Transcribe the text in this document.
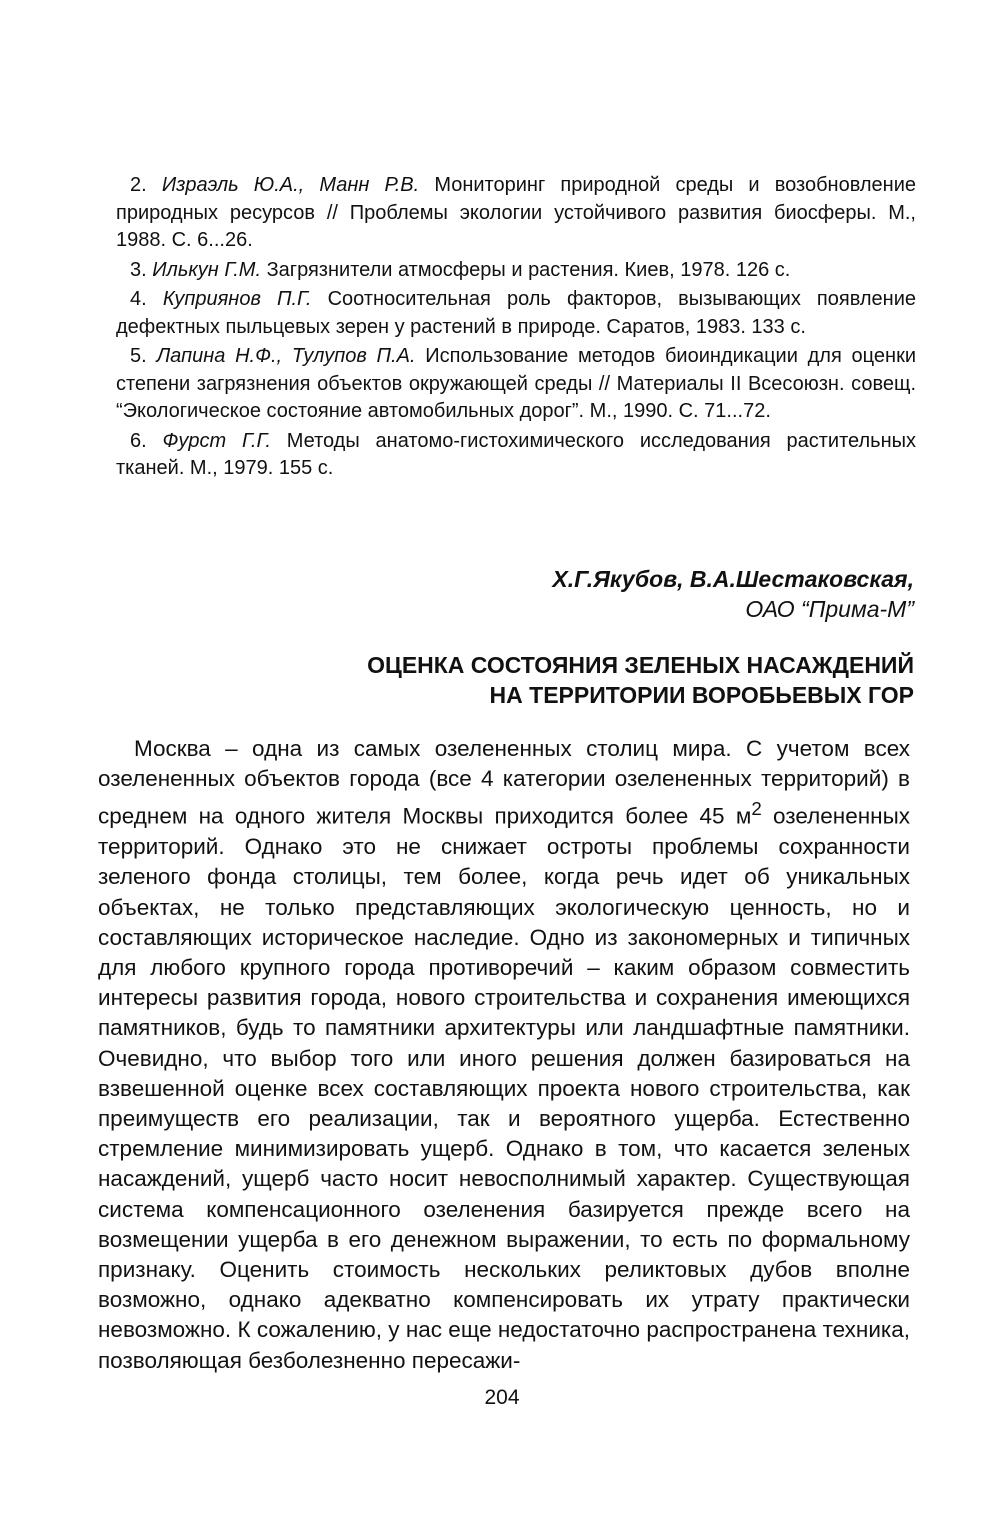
2. Израэль Ю.А., Манн Р.В. Мониторинг природной среды и возобновление природных ресурсов // Проблемы экологии устойчивого развития биосферы. М., 1988. С. 6...26.

3. Илькун Г.М. Загрязнители атмосферы и растения. Киев, 1978. 126 с.

4. Куприянов П.Г. Соотносительная роль факторов, вызывающих появление дефектных пыльцевых зерен у растений в природе. Саратов, 1983. 133 с.

5. Лапина Н.Ф., Тулупов П.А. Использование методов биоиндикации для оценки степени загрязнения объектов окружающей среды // Материалы II Всесоюзн. совещ. “Экологическое состояние автомобильных дорог”. М., 1990. С. 71...72.

6. Фурст Г.Г. Методы анатомо-гистохимического исследования растительных тканей. М., 1979. 155 с.

Х.Г.Якубов, В.А.Шестаковская,
ОАО “Прима-М”
ОЦЕНКА СОСТОЯНИЯ ЗЕЛЕНЫХ НАСАЖДЕНИЙ
НА ТЕРРИТОРИИ ВОРОБЬЕВЫХ ГОР

Москва – одна из самых озелененных столиц мира. С учетом всех озелененных объектов города (все 4 категории озелененных территорий) в среднем на одного жителя Москвы приходится более 45 $м^2$ озелененных территорий. Однако это не снижает остроты проблемы сохранности зеленого фонда столицы, тем более, когда речь идет об уникальных объектах, не только представляющих экологическую ценность, но и составляющих историческое наследие. Одно из закономерных и типичных для любого крупного города противоречий – каким образом совместить интересы развития города, нового строительства и сохранения имеющихся памятников, будь то памятники архитектуры или ландшафтные памятники. Очевидно, что выбор того или иного решения должен базироваться на взвешенной оценке всех составляющих проекта нового строительства, как преимуществ его реализации, так и вероятного ущерба. Естественно стремление минимизировать ущерб. Однако в том, что касается зеленых насаждений, ущерб часто носит невосполнимый характер. Существующая система компенсационного озеленения базируется прежде всего на возмещении ущерба в его денежном выражении, то есть по формальному признаку. Оценить стоимость нескольких реликтовых дубов вполне возможно, однако адекватно компенсировать их утрату практически невозможно. К сожалению, у нас еще недостаточно распространена техника, позволяющая безболезненно пересажи-

204
